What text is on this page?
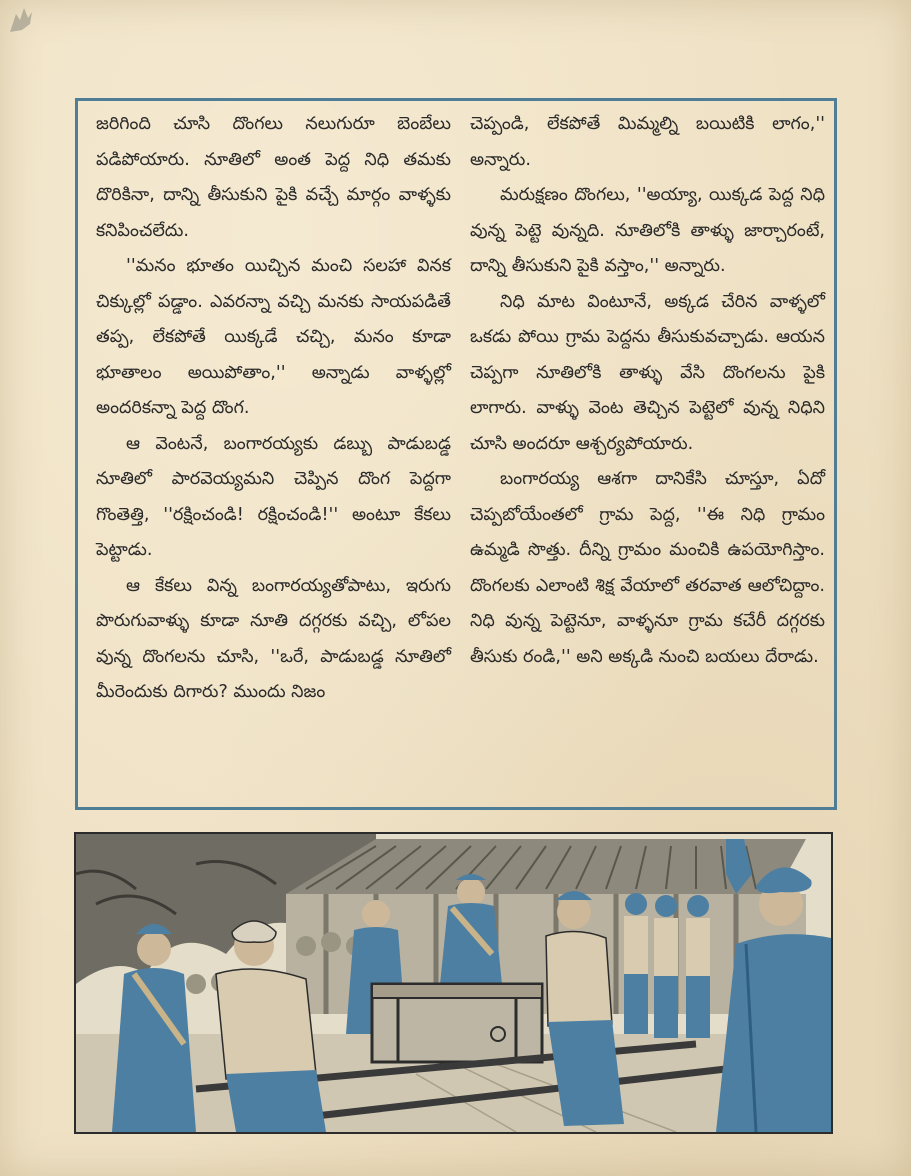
జరిగింది చూసి దొంగలు నలుగురూ బెంబేలు పడిపోయారు. నూతిలో అంత పెద్ద నిధి తమకు దొరికినా, దాన్ని తీసుకుని పైకి వచ్చే మార్గం వాళ్ళకు కనిపించలేదు.

''మనం భూతం యిచ్చిన మంచి సలహా వినక చిక్కుల్లో పడ్డాం. ఎవరన్నా వచ్చి మనకు సాయపడితే తప్ప, లేకపోతే యిక్కడే చచ్చి, మనం కూడా భూతాలం అయిపోతాం,'' అన్నాడు వాళ్ళల్లో అందరికన్నా పెద్ద దొంగ.

ఆ వెంటనే, బంగారయ్యకు డబ్బు పాడుబడ్డ నూతిలో పారవెయ్యమని చెప్పిన దొంగ పెద్దగా గొంతెత్తి, ''రక్షించండి! రక్షించండి!'' అంటూ కేకలు పెట్టాడు.

ఆ కేకలు విన్న బంగారయ్యతోపాటు, ఇరుగు పొరుగువాళ్ళు కూడా నూతి దగ్గరకు వచ్చి, లోపల వున్న దొంగలను చూసి, ''ఒరే, పాడుబడ్డ నూతిలో మీరెందుకు దిగారు? ముందు నిజం

చెప్పండి, లేకపోతే మిమ్మల్ని బయిటికి లాగం,'' అన్నారు.

మరుక్షణం దొంగలు, ''అయ్యా, యిక్కడ పెద్ద నిధి వున్న పెట్టె వున్నది. నూతిలోకి తాళ్ళు జార్చారంటే, దాన్ని తీసుకుని పైకి వస్తాం,'' అన్నారు.

నిధి మాట వింటూనే, అక్కడ చేరిన వాళ్ళలో ఒకడు పోయి గ్రామ పెద్దను తీసుకువచ్చాడు. ఆయన చెప్పగా నూతిలోకి తాళ్ళు వేసి దొంగలను పైకి లాగారు. వాళ్ళు వెంట తెచ్చిన పెట్టెలో వున్న నిధిని చూసి అందరూ ఆశ్చర్యపోయారు.

బంగారయ్య ఆశగా దానికేసి చూస్తూ, ఏదో చెప్పబోయేంతలో గ్రామ పెద్ద, ''ఈ నిధి గ్రామం ఉమ్మడి సొత్తు. దీన్ని గ్రామం మంచికి ఉపయోగిస్తాం. దొంగలకు ఎలాంటి శిక్ష వేయాలో తరవాత ఆలోచిద్దాం. నిధి వున్న పెట్టెనూ, వాళ్ళనూ గ్రామ కచేరీ దగ్గరకు తీసుకు రండి,'' అని అక్కడి నుంచి బయలు దేరాడు.
